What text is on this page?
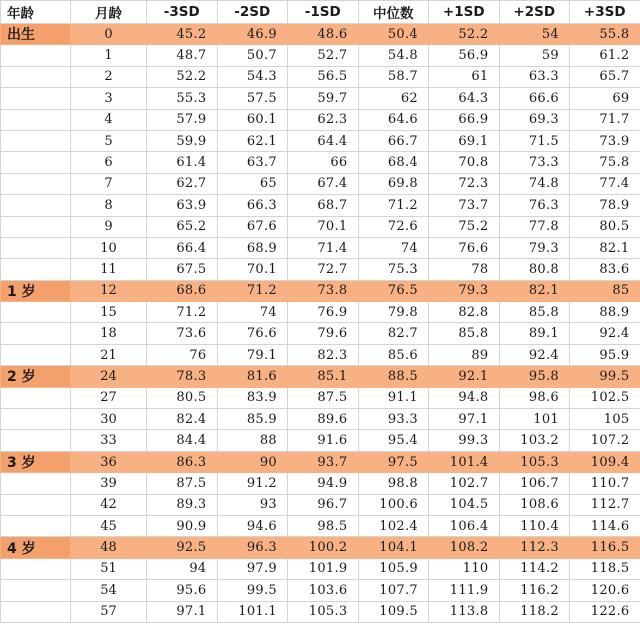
年龄	月龄	-3SD	-2SD	-1SD	中位数	+1SD	+2SD	+3SD
出生	0	45.2	46.9	48.6	50.4	52.2	54	55.8
	1	48.7	50.7	52.7	54.8	56.9	59	61.2
	2	52.2	54.3	56.5	58.7	61	63.3	65.7
	3	55.3	57.5	59.7	62	64.3	66.6	69
	4	57.9	60.1	62.3	64.6	66.9	69.3	71.7
	5	59.9	62.1	64.4	66.7	69.1	71.5	73.9
	6	61.4	63.7	66	68.4	70.8	73.3	75.8
	7	62.7	65	67.4	69.8	72.3	74.8	77.4
	8	63.9	66.3	68.7	71.2	73.7	76.3	78.9
	9	65.2	67.6	70.1	72.6	75.2	77.8	80.5
	10	66.4	68.9	71.4	74	76.6	79.3	82.1
	11	67.5	70.1	72.7	75.3	78	80.8	83.6
1 岁	12	68.6	71.2	73.8	76.5	79.3	82.1	85
	15	71.2	74	76.9	79.8	82.8	85.8	88.9
	18	73.6	76.6	79.6	82.7	85.8	89.1	92.4
	21	76	79.1	82.3	85.6	89	92.4	95.9
2 岁	24	78.3	81.6	85.1	88.5	92.1	95.8	99.5
	27	80.5	83.9	87.5	91.1	94.8	98.6	102.5
	30	82.4	85.9	89.6	93.3	97.1	101	105
	33	84.4	88	91.6	95.4	99.3	103.2	107.2
3 岁	36	86.3	90	93.7	97.5	101.4	105.3	109.4
	39	87.5	91.2	94.9	98.8	102.7	106.7	110.7
	42	89.3	93	96.7	100.6	104.5	108.6	112.7
	45	90.9	94.6	98.5	102.4	106.4	110.4	114.6
4 岁	48	92.5	96.3	100.2	104.1	108.2	112.3	116.5
	51	94	97.9	101.9	105.9	110	114.2	118.5
	54	95.6	99.5	103.6	107.7	111.9	116.2	120.6
	57	97.1	101.1	105.3	109.5	113.8	118.2	122.6
